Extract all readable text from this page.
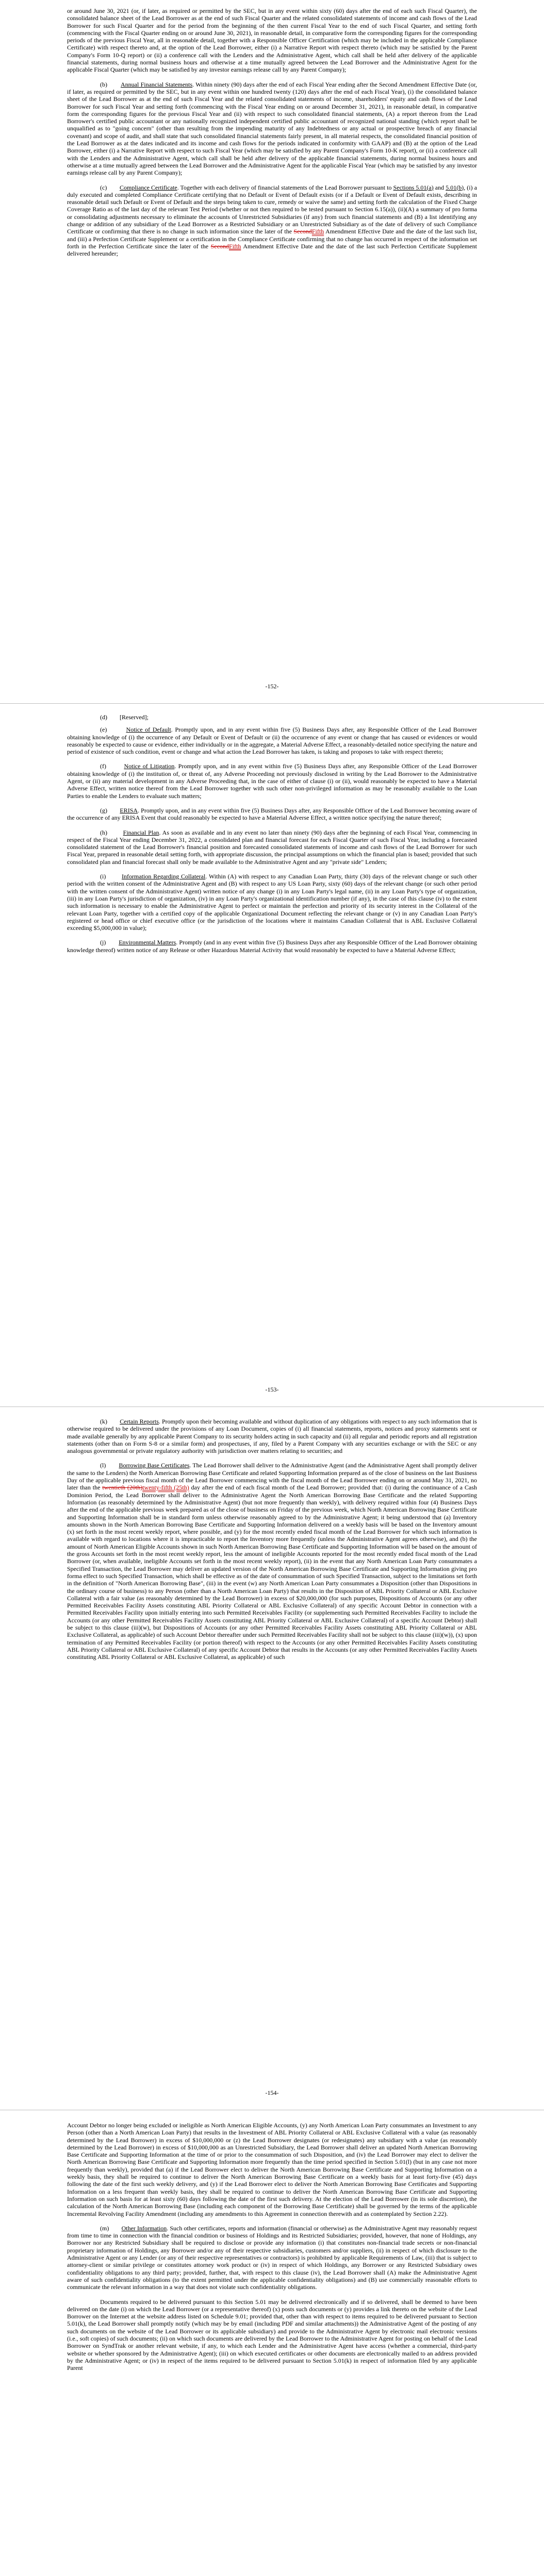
or around June 30, 2021 (or, if later, as required or permitted by the SEC, but in any event within sixty (60) days after the end of each such Fiscal Quarter), the consolidated balance sheet of the Lead Borrower as at the end of such Fiscal Quarter and the related consolidated statements of income and cash flows of the Lead Borrower for such Fiscal Quarter and for the period from the beginning of the then current Fiscal Year to the end of such Fiscal Quarter, and setting forth (commencing with the Fiscal Quarter ending on or around June 30, 2021), in reasonable detail, in comparative form the corresponding figures for the corresponding periods of the previous Fiscal Year, all in reasonable detail, together with a Responsible Officer Certification (which may be included in the applicable Compliance Certificate) with respect thereto and, at the option of the Lead Borrower, either (i) a Narrative Report with respect thereto (which may be satisfied by the Parent Company's Form 10-Q report) or (ii) a conference call with the Lenders and the Administrative Agent, which call shall be held after delivery of the applicable financial statements, during normal business hours and otherwise at a time mutually agreed between the Lead Borrower and the Administrative Agent for the applicable Fiscal Quarter (which may be satisfied by any investor earnings release call by any Parent Company);

(b) Annual Financial Statements. Within ninety (90) days after the end of each Fiscal Year ending after the Second Amendment Effective Date (or, if later, as required or permitted by the SEC, but in any event within one hundred twenty (120) days after the end of each Fiscal Year), (i) the consolidated balance sheet of the Lead Borrower as at the end of such Fiscal Year and the related consolidated statements of income, shareholders' equity and cash flows of the Lead Borrower for such Fiscal Year and setting forth (commencing with the Fiscal Year ending on or around December 31, 2021), in reasonable detail, in comparative form the corresponding figures for the previous Fiscal Year and (ii) with respect to such consolidated financial statements, (A) a report thereon from the Lead Borrower's certified public accountant or any nationally recognized independent certified public accountant of recognized national standing (which report shall be unqualified as to "going concern" (other than resulting from the impending maturity of any Indebtedness or any actual or prospective breach of any financial covenant) and scope of audit, and shall state that such consolidated financial statements fairly present, in all material respects, the consolidated financial position of the Lead Borrower as at the dates indicated and its income and cash flows for the periods indicated in conformity with GAAP) and (B) at the option of the Lead Borrower, either (i) a Narrative Report with respect to such Fiscal Year (which may be satisfied by any Parent Company's Form 10-K report), or (ii) a conference call with the Lenders and the Administrative Agent, which call shall be held after delivery of the applicable financial statements, during normal business hours and otherwise at a time mutually agreed between the Lead Borrower and the Administrative Agent for the applicable Fiscal Year (which may be satisfied by any investor earnings release call by any Parent Company);

(c) Compliance Certificate. Together with each delivery of financial statements of the Lead Borrower pursuant to Sections 5.01(a) and 5.01(b), (i) a duly executed and completed Compliance Certificate certifying that no Default or Event of Default exists (or if a Default or Event of Default exists, describing in reasonable detail such Default or Event of Default and the steps being taken to cure, remedy or waive the same) and setting forth the calculation of the Fixed Charge Coverage Ratio as of the last day of the relevant Test Period (whether or not then required to be tested pursuant to Section 6.15(a)), (ii)(A) a summary of pro forma or consolidating adjustments necessary to eliminate the accounts of Unrestricted Subsidiaries (if any) from such financial statements and (B) a list identifying any change or addition of any subsidiary of the Lead Borrower as a Restricted Subsidiary or an Unrestricted Subsidiary as of the date of delivery of such Compliance Certificate or confirming that there is no change in such information since the later of the SecondFifth Amendment Effective Date and the date of the last such list, and (iii) a Perfection Certificate Supplement or a certification in the Compliance Certificate confirming that no change has occurred in respect of the information set forth in the Perfection Certificate since the later of the SecondFifth Amendment Effective Date and the date of the last such Perfection Certificate Supplement delivered hereunder;

-152-

(d) [Reserved];

(e)	Notice of Default. Promptly upon, and in any event within five (5) Business Days after, any Responsible Officer of the Lead Borrower obtaining knowledge of (i) the occurrence of any Default or Event of Default or (ii) the occurrence of any event or change that has caused or evidences or would reasonably be expected to cause or evidence, either individually or in the aggregate, a Material Adverse Effect, a reasonably-detailed notice specifying the nature and period of existence of such condition, event or change and what action the Lead Borrower has taken, is taking and proposes to take with respect thereto;

(f)	Notice of Litigation. Promptly upon, and in any event within five (5) Business Days after, any Responsible Officer of the Lead Borrower obtaining knowledge of (i) the institution of, or threat of, any Adverse Proceeding not previously disclosed in writing by the Lead Borrower to the Administrative Agent, or (ii) any material development in any Adverse Proceeding that, in the case of either of clause (i) or (ii), would reasonably be expected to have a Material Adverse Effect, written notice thereof from the Lead Borrower together with such other non-privileged information as may be reasonably available to the Loan Parties to enable the Lenders to evaluate such matters;

(g) ERISA. Promptly upon, and in any event within five (5) Business Days after, any Responsible Officer of the Lead Borrower becoming aware of the occurrence of any ERISA Event that could reasonably be expected to have a Material Adverse Effect, a written notice specifying the nature thereof;

(h)	Financial Plan. As soon as available and in any event no later than ninety (90) days after the beginning of each Fiscal Year, commencing in respect of the Fiscal Year ending December 31, 2022, a consolidated plan and financial forecast for each Fiscal Quarter of such Fiscal Year, including a forecasted consolidated statement of the Lead Borrower's financial position and forecasted consolidated statements of income and cash flows of the Lead Borrower for such Fiscal Year, prepared in reasonable detail setting forth, with appropriate discussion, the principal assumptions on which the financial plan is based; provided that such consolidated plan and financial forecast shall only be made available to the Administrative Agent and any "private side" Lenders;

(i)	Information Regarding Collateral. Within (A) with respect to any Canadian Loan Party, thirty (30) days of the relevant change or such other period with the written consent of the Administrative Agent and (B) with respect to any US Loan Party, sixty (60) days of the relevant change (or such other period with the written consent of the Administrative Agent) written notice of any change (i) in any Loan Party's legal name, (ii) in any Loan Party's type of organization, (iii) in any Loan Party's jurisdiction of organization, (iv) in any Loan Party's organizational identification number (if any), in the case of this clause (iv) to the extent such information is necessary to enable the Administrative Agent to perfect or maintain the perfection and priority of its security interest in the Collateral of the relevant Loan Party, together with a certified copy of the applicable Organizational Document reflecting the relevant change or (v) in any Canadian Loan Party's registered or head office or chief executive office (or the jurisdiction of the locations where it maintains Canadian Collateral that is ABL Exclusive Collateral exceeding $5,000,000 in value);

(j) Environmental Matters. Promptly (and in any event within five (5) Business Days after any Responsible Officer of the Lead Borrower obtaining knowledge thereof) written notice of any Release or other Hazardous Material Activity that would reasonably be expected to have a Material Adverse Effect;

-153-

(k) Certain Reports. Promptly upon their becoming available and without duplication of any obligations with respect to any such information that is otherwise required to be delivered under the provisions of any Loan Document, copies of (i) all financial statements, reports, notices and proxy statements sent or made available generally by any applicable Parent Company to its security holders acting in such capacity and (ii) all regular and periodic reports and all registration statements (other than on Form S-8 or a similar form) and prospectuses, if any, filed by a Parent Company with any securities exchange or with the SEC or any analogous governmental or private regulatory authority with jurisdiction over matters relating to securities; and

(l) Borrowing Base Certificates. The Lead Borrower shall deliver to the Administrative Agent (and the Administrative Agent shall promptly deliver the same to the Lenders) the North American Borrowing Base Certificate and related Supporting Information prepared as of the close of business on the last Business Day of the applicable previous fiscal month of the Lead Borrower commencing with the fiscal month of the Lead Borrower ending on or around May 31, 2021, no later than the twentieth (20th)twenty-fifth (25th) day after the end of each fiscal month of the Lead Borrower; provided that: (i) during the continuance of a Cash Dominion Period, the Lead Borrower shall deliver to the Administrative Agent the North American Borrowing Base Certificate and the related Supporting Information (as reasonably determined by the Administrative Agent) (but not more frequently than weekly), with delivery required within four (4) Business Days after the end of the applicable previous week prepared as of the close of business on Friday of the previous week, which North American Borrowing Base Certificate and Supporting Information shall be in standard form unless otherwise reasonably agreed to by the Administrative Agent; it being understood that (a) Inventory amounts shown in the North American Borrowing Base Certificate and Supporting Information delivered on a weekly basis will be based on the Inventory amount (x) set forth in the most recent weekly report, where possible, and (y) for the most recently ended fiscal month of the Lead Borrower for which such information is available with regard to locations where it is impracticable to report the Inventory more frequently (unless the Administrative Agent agrees otherwise), and (b) the amount of North American Eligible Accounts shown in such North American Borrowing Base Certificate and Supporting Information will be based on the amount of the gross Accounts set forth in the most recent weekly report, less the amount of ineligible Accounts reported for the most recently ended fiscal month of the Lead Borrower (or, when available, ineligible Accounts set forth in the most recent weekly report), (ii) in the event that any North American Loan Party consummates a Specified Transaction, the Lead Borrower may deliver an updated version of the North American Borrowing Base Certificate and Supporting Information giving pro forma effect to such Specified Transaction, which shall be effective as of the date of consummation of such Specified Transaction, subject to the limitations set forth in the definition of "North American Borrowing Base", (iii) in the event (w) any North American Loan Party consummates a Disposition (other than Dispositions in the ordinary course of business) to any Person (other than a North American Loan Party) that results in the Disposition of ABL Priority Collateral or ABL Exclusive Collateral with a fair value (as reasonably determined by the Lead Borrower) in excess of $20,000,000 (for such purposes, Dispositions of Accounts (or any other Permitted Receivables Facility Assets constituting ABL Priority Collateral or ABL Exclusive Collateral) of any specific Account Debtor in connection with a Permitted Receivables Facility upon initially entering into such Permitted Receivables Facility (or supplementing such Permitted Receivables Facility to include the Accounts (or any other Permitted Receivables Facility Assets constituting ABL Priority Collateral or ABL Exclusive Collateral) of a specific Account Debtor) shall be subject to this clause (iii)(w), but Dispositions of Accounts (or any other Permitted Receivables Facility Assets constituting ABL Priority Collateral or ABL Exclusive Collateral, as applicable) of such Account Debtor thereafter under such Permitted Receivables Facility shall not be subject to this clause (iii)(w)), (x) upon termination of any Permitted Receivables Facility (or portion thereof) with respect to the Accounts (or any other Permitted Receivables Facility Assets constituting ABL Priority Collateral or ABL Exclusive Collateral) of any specific Account Debtor that results in the Accounts (or any other Permitted Receivables Facility Assets constituting ABL Priority Collateral or ABL Exclusive Collateral, as applicable) of such

-154-

Account Debtor no longer being excluded or ineligible as North American Eligible Accounts, (y) any North American Loan Party consummates an Investment to any Person (other than a North American Loan Party) that results in the Investment of ABL Priority Collateral or ABL Exclusive Collateral with a value (as reasonably determined by the Lead Borrower) in excess of $10,000,000 or (z) the Lead Borrower designates (or redesignates) any subsidiary with a value (as reasonably determined by the Lead Borrower) in excess of $10,000,000 as an Unrestricted Subsidiary, the Lead Borrower shall deliver an updated North American Borrowing Base Certificate and Supporting Information at the time of or prior to the consummation of such Disposition, and (iv) the Lead Borrower may elect to deliver the North American Borrowing Base Certificate and Supporting Information more frequently than the time period specified in Section 5.01(l) (but in any case not more frequently than weekly), provided that (a) if the Lead Borrower elect to deliver the North American Borrowing Base Certificate and Supporting Information on a weekly basis, they shall be required to continue to deliver the North American Borrowing Base Certificate on a weekly basis for at least forty-five (45) days following the date of the first such weekly delivery, and (y) if the Lead Borrower elect to deliver the North American Borrowing Base Certificates and Supporting Information on a less frequent than weekly basis, they shall be required to continue to deliver the North American Borrowing Base Certificate and Supporting Information on such basis for at least sixty (60) days following the date of the first such delivery. At the election of the Lead Borrower (in its sole discretion), the calculation of the North American Borrowing Base (including each component of the Borrowing Base Certificate) shall be governed by the terms of the applicable Incremental Revolving Facility Amendment (including any amendments to this Agreement in connection therewith and as contemplated by Section 2.22).

(m) Other Information. Such other certificates, reports and information (financial or otherwise) as the Administrative Agent may reasonably request from time to time in connection with the financial condition or business of Holdings and its Restricted Subsidiaries; provided, however, that none of Holdings, any Borrower nor any Restricted Subsidiary shall be required to disclose or provide any information (i) that constitutes non-financial trade secrets or non-financial proprietary information of Holdings, any Borrower and/or any of their respective subsidiaries, customers and/or suppliers, (ii) in respect of which disclosure to the Administrative Agent or any Lender (or any of their respective representatives or contractors) is prohibited by applicable Requirements of Law, (iii) that is subject to attorney-client or similar privilege or constitutes attorney work product or (iv) in respect of which Holdings, any Borrower or any Restricted Subsidiary owes confidentiality obligations to any third party; provided, further, that, with respect to this clause (iv), the Lead Borrower shall (A) make the Administrative Agent aware of such confidentiality obligations (to the extent permitted under the applicable confidentiality obligations) and (B) use commercially reasonable efforts to communicate the relevant information in a way that does not violate such confidentiality obligations.

Documents required to be delivered pursuant to this Section 5.01 may be delivered electronically and if so delivered, shall be deemed to have been delivered on the date (i) on which the Lead Borrower (or a representative thereof) (x) posts such documents or (y) provides a link thereto on the website of the Lead Borrower on the Internet at the website address listed on Schedule 9.01; provided that, other than with respect to items required to be delivered pursuant to Section 5.01(k), the Lead Borrower shall promptly notify (which may be by email (including PDF and similar attachments)) the Administrative Agent of the posting of any such documents on the website of the Lead Borrower or its applicable subsidiary) and provide to the Administrative Agent by electronic mail electronic versions (i.e., soft copies) of such documents; (ii) on which such documents are delivered by the Lead Borrower to the Administrative Agent for posting on behalf of the Lead Borrower on SyndTrak or another relevant website, if any, to which each Lender and the Administrative Agent have access (whether a commercial, third-party website or whether sponsored by the Administrative Agent); (iii) on which executed certificates or other documents are electronically mailed to an address provided by the Administrative Agent; or (iv) in respect of the items required to be delivered pursuant to Section 5.01(k) in respect of information filed by any applicable Parent
